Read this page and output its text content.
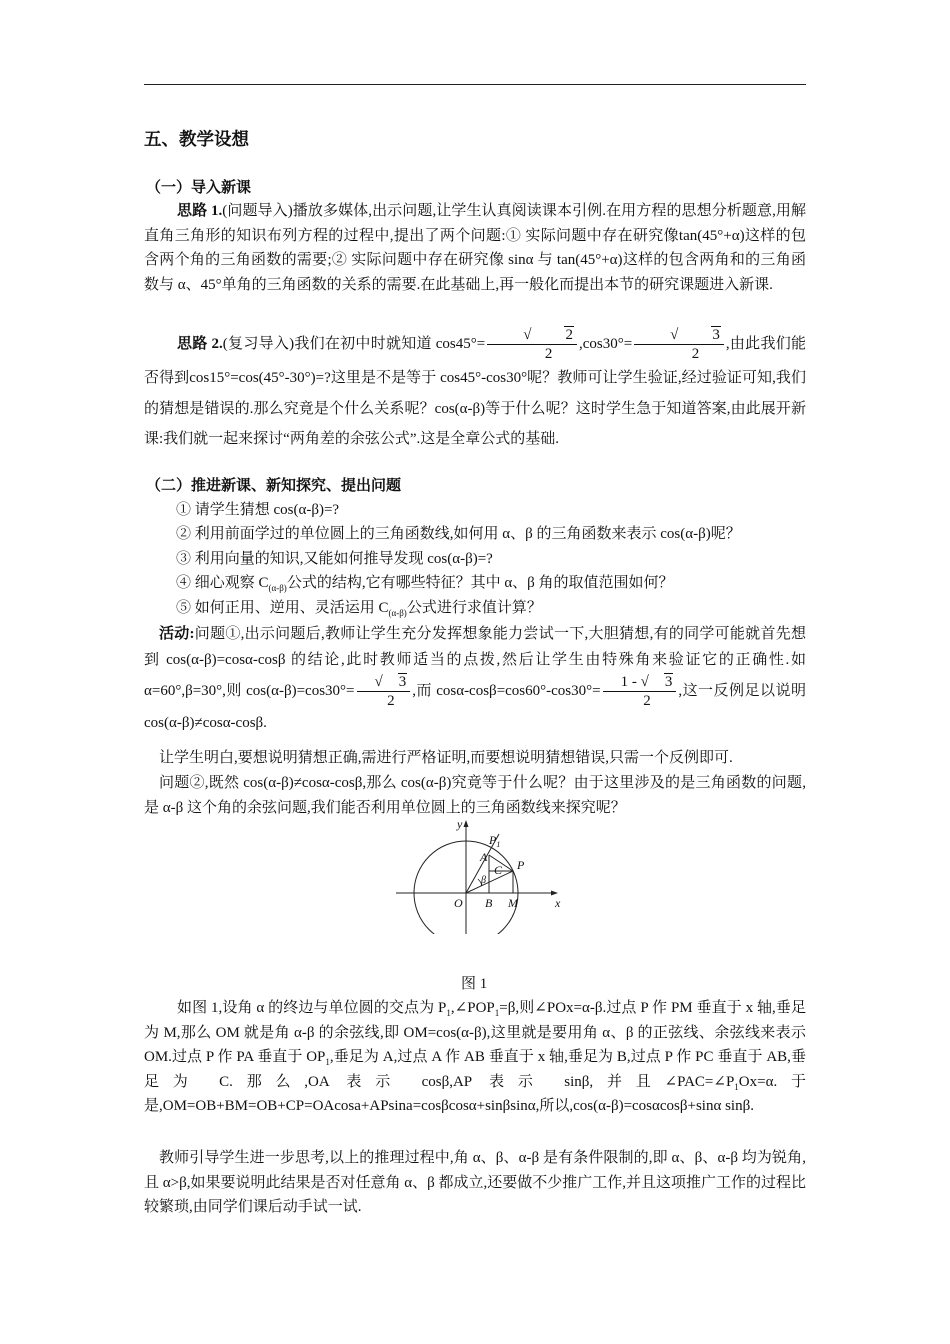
五、教学设想
（一）导入新课
思路 1.(问题导入)播放多媒体,出示问题,让学生认真阅读课本引例.在用方程的思想分析题意,用解直角三角形的知识布列方程的过程中,提出了两个问题:① 实际问题中存在研究像tan(45°+α)这样的包含两个角的三角函数的需要;② 实际问题中存在研究像 sinα 与 tan(45°+α)这样的包含两角和的三角函数与 α、45°单角的三角函数的关系的需要.在此基础上,再一般化而提出本节的研究课题进入新课.
思路 2.(复习导入)我们在初中时就知道 $\cos 45^\circ= \frac{√ 2}{2} ,\cos 30^\circ= \frac{√ 3}{2}$ ,由此我们能否得到cos15°=cos(45°-30°)=?这里是不是等于 cos45°-cos30°呢？教师可让学生验证,经过验证可知,我们的猜想是错误的.那么究竟是个什么关系呢？cos(α-β)等于什么呢？这时学生急于知道答案,由此展开新课:我们就一起来探讨“两角差的余弦公式”.这是全章公式的基础.
（二）推进新课、新知探究、提出问题
① 请学生猜想 cos(α-β)=?
② 利用前面学过的单位圆上的三角函数线,如何用 α、β 的三角函数来表示 cos(α-β)呢？
③ 利用向量的知识,又能如何推导发现 cos(α-β)=?
④ 细心观察 $C_{(\alpha-\beta)}$公式的结构,它有哪些特征？其中 α、β 角的取值范围如何？
⑤ 如何正用、逆用、灵活运用 $C_{(\alpha-\beta)}$公式进行求值计算？
活动:问题①,出示问题后,教师让学生充分发挥想象能力尝试一下,大胆猜想,有的同学可能就首先想到 cos(α-β)=cosα-cosβ 的结论,此时教师适当的点拨,然后让学生由特殊角来验证它的正确性.如 α=60°,β=30°,则 $\cos(\alpha-\beta)=\cos 30^\circ= \frac{√ 3}{2}$ ,而 $\cos\alpha-\cos\beta=\cos 60^\circ-\cos 30^\circ= \frac{1 - √ 3}{2}$ ,这一反例足以说明 cos(α-β)≠cosα-cosβ.
让学生明白,要想说明猜想正确,需进行严格证明,而要想说明猜想错误,只需一个反例即可.
问题②,既然 cos(α-β)≠cosα-cosβ,那么 cos(α-β)究竟等于什么呢？由于这里涉及的是三角函数的问题,是 α-β 这个角的余弦问题,我们能否利用单位圆上的三角函数线来探究呢？
y
x
O B M
P
$P_1$
A
C
β
图 1
如图 1,设角 α 的终边与单位圆的交点为 $P_1,\angle POP_1=\beta$,则∠POx=α-β.过点 P 作 PM 垂直于 x 轴,垂足为 M,那么 OM 就是角 α-β 的余弦线,即 OM=cos(α-β),这里就是要用角 α、β 的正弦线、余弦线来表示 OM.过点 P 作 PA 垂直于 $OP_1$,垂足为 A,过点 A 作 AB 垂直于 x 轴,垂足为 B,过点 P 作 PC 垂直于 AB,垂足为 C.那么,OA 表示 cosβ,AP 表示 sinβ,并且$\angle PAC=\angle P_1Ox=\alpha$.于是,OM=OB+BM=OB+CP=OAcosa+APsina=cosβcosα+sinβsinα,所以,cos(α-β)=cosαcosβ+sinα sinβ.
教师引导学生进一步思考,以上的推理过程中,角 α、β、α-β 是有条件限制的,即 α、β、α-β 均为锐角,且 α>β,如果要说明此结果是否对任意角 α、β 都成立,还要做不少推广工作,并且这项推广工作的过程比较繁琐,由同学们课后动手试一试.
